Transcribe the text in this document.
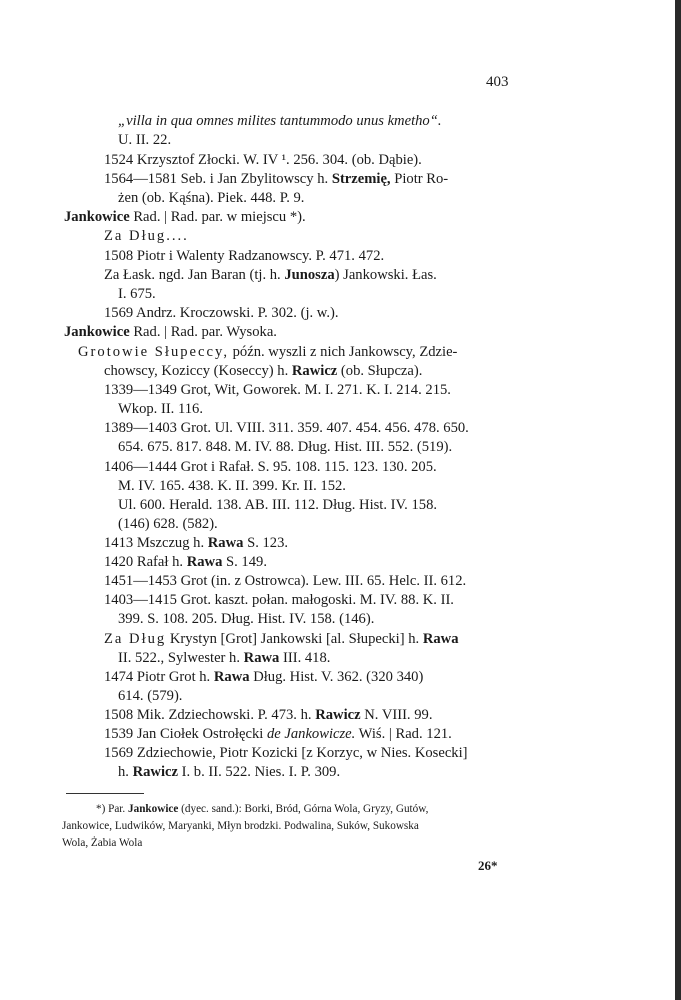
403
„villa in qua omnes milites tantummodo unus kmetho“.
U. II. 22.
1524 Krzysztof Złocki. W. IV ¹. 256. 304. (ob. Dąbie).
1564—1581 Seb. i Jan Zbylitowscy h. Strzemię, Piotr Ro-
żen (ob. Kąśna). Piek. 448. P. 9.
Jankowice Rad. | Rad. par. w miejscu *).
Za Dług....
1508 Piotr i Walenty Radzanowscy. P. 471. 472.
Za Łask. ngd. Jan Baran (tj. h. Junosza) Jankowski. Łas.
I. 675.
1569 Andrz. Kroczowski. P. 302. (j. w.).
Jankowice Rad. | Rad. par. Wysoka.
Grotowie Słupeccy, późn. wyszli z nich Jankowscy, Zdzie-
chowscy, Koziccy (Koseccy) h. Rawicz (ob. Słupcza).
1339—1349 Grot, Wit, Goworek. M. I. 271. K. I. 214. 215.
Wkop. II. 116.
1389—1403 Grot. Ul. VIII. 311. 359. 407. 454. 456. 478. 650.
654. 675. 817. 848. M. IV. 88. Dług. Hist. III. 552. (519).
1406—1444 Grot i Rafał. S. 95. 108. 115. 123. 130. 205.
M. IV. 165. 438. K. II. 399. Kr. II. 152.
Ul. 600. Herald. 138. AB. III. 112. Dług. Hist. IV. 158.
(146) 628. (582).
1413 Mszczug h. Rawa S. 123.
1420 Rafał h. Rawa S. 149.
1451—1453 Grot (in. z Ostrowca). Lew. III. 65. Helc. II. 612.
1403—1415 Grot. kaszt. połan. małogoski. M. IV. 88. K. II.
399. S. 108. 205. Dług. Hist. IV. 158. (146).
Za Dług Krystyn [Grot] Jankowski [al. Słupecki] h. Rawa
II. 522., Sylwester h. Rawa III. 418.
1474 Piotr Grot h. Rawa Dług. Hist. V. 362. (320 340)
614. (579).
1508 Mik. Zdziechowski. P. 473. h. Rawicz N. VIII. 99.
1539 Jan Ciołek Ostrołęcki de Jankowicze. Wiś. | Rad. 121.
1569 Zdziechowie, Piotr Kozicki [z Korzyc, w Nies. Kosecki]
h. Rawicz I. b. II. 522. Nies. I. P. 309.
*) Par. Jankowice (dyec. sand.): Borki, Bród, Górna Wola, Gryzy, Gutów,
Jankowice, Ludwików, Maryanki, Młyn brodzki. Podwalina, Suków, Sukowska
Wola, Żabia Wola
26*
